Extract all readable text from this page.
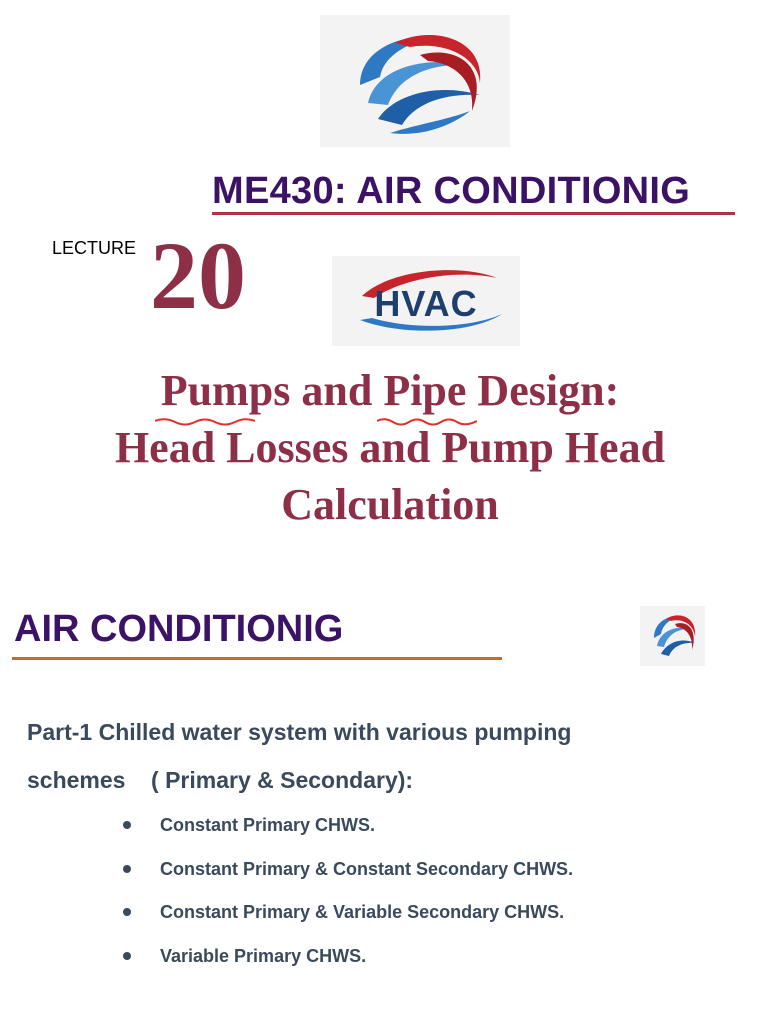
ME430: AIR CONDITIONIG
LECTURE 20	HVAC
Pumps
and Pipe Design
:
Head Losses and Pump Head
Calculation
AIR CONDITIONIG
Part-1 Chilled water system with various pumping
schemes    ( Primary & Secondary):
Constant Primary CHWS.
Constant Primary & Constant Secondary CHWS.
Constant Primary & Variable Secondary CHWS.
Variable Primary CHWS.
